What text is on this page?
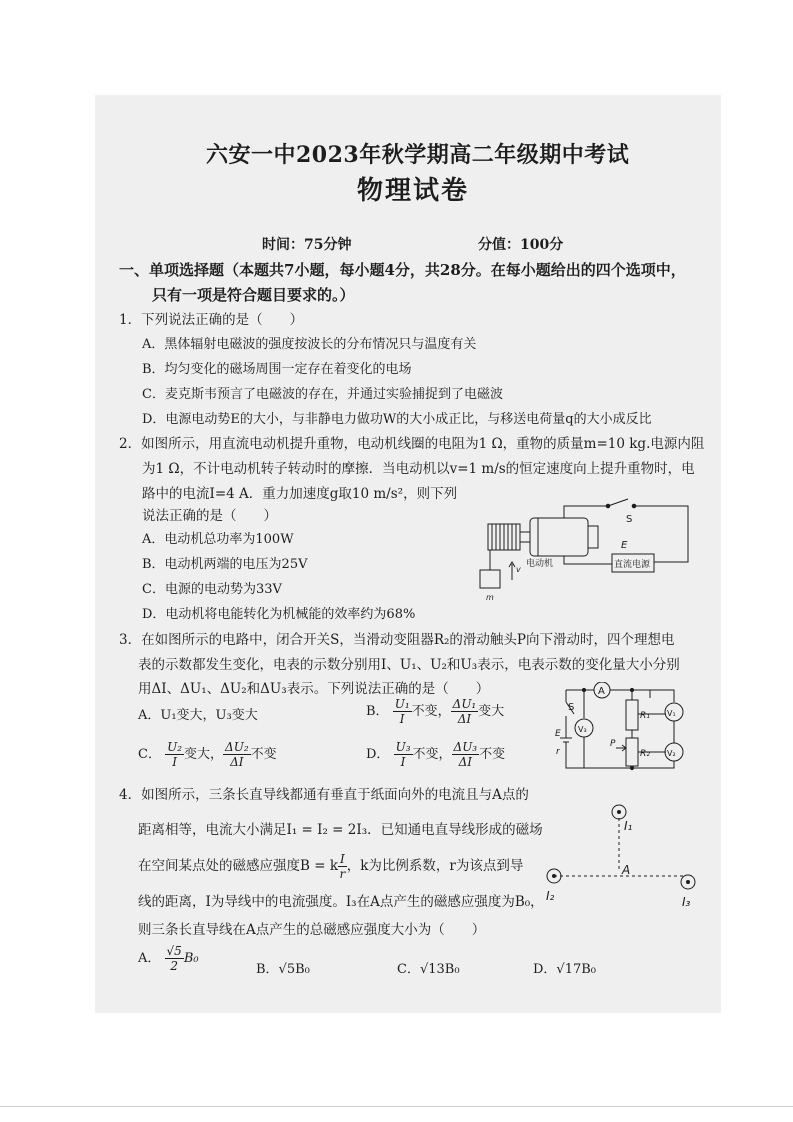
六安一中2023年秋学期高二年级期中考试
物理试卷
时间：75分钟	分值：100分
一、单项选择题（本题共7小题，每小题4分，共28分。在每小题给出的四个选项中，
只有一项是符合题目要求的。）
1．下列说法正确的是（　　）
A．黑体辐射电磁波的强度按波长的分布情况只与温度有关
B．均匀变化的磁场周围一定存在着变化的电场
C．麦克斯韦预言了电磁波的存在，并通过实验捕捉到了电磁波
D．电源电动势E的大小，与非静电力做功W的大小成正比，与移送电荷量q的大小成反比
2．如图所示，用直流电动机提升重物，电动机线圈的电阻为1 Ω，重物的质量m=10 kg.电源内阻
为1 Ω，不计电动机转子转动时的摩擦．当电动机以v=1 m/s的恒定速度向上提升重物时，电
路中的电流I=4 A．重力加速度g取10 m/s²，则下列
说法正确的是（　　）
A．电动机总功率为100W
B．电动机两端的电压为25V
C．电源的电动势为33V
D．电动机将电能转化为机械能的效率约为68%
S
E
电动机	直流电源
m
v
3．在如图所示的电路中，闭合开关S，当滑动变阻器R₂的滑动触头P向下滑动时，四个理想电
表的示数都发生变化，电表的示数分别用I、U₁、U₂和U₃表示，电表示数的变化量大小分别
用ΔI、ΔU₁、ΔU₂和ΔU₃表示。下列说法正确的是（　　）
A．U₁变大，U₃变大	B． $\frac{\text{U₁}}{I}$ 不变， $\frac{\text{ΔU₁}}{\Delta I}$ 变大
C． $\frac{\text{U₂}}{I}$ 变大， $\frac{\text{ΔU₂}}{\Delta I}$ 不变	D． $\frac{\text{U₃}}{I}$ 不变， $\frac{\text{ΔU₃}}{\Delta I}$ 不变
A
S
V₃
V₁
V₂
R₁
R₂
P
E
r
4．如图所示，三条长直导线都通有垂直于纸面向外的电流且与A点的
距离相等，电流大小满足I₁ = I₂ = 2I₃．已知通电直导线形成的磁场
在空间某点处的磁感应强度B = k $\frac{I}{r}$ ，k为比例系数，r为该点到导
线的距离，I为导线中的电流强度。I₃在A点产生的磁感应强度为B₀，
则三条长直导线在A点产生的总磁感应强度大小为（　　）
A． $\frac{√5}{2} B_0$
B．√5B₀	C．√13B₀	D．√17B₀
I₁
I₂	I₃
A
